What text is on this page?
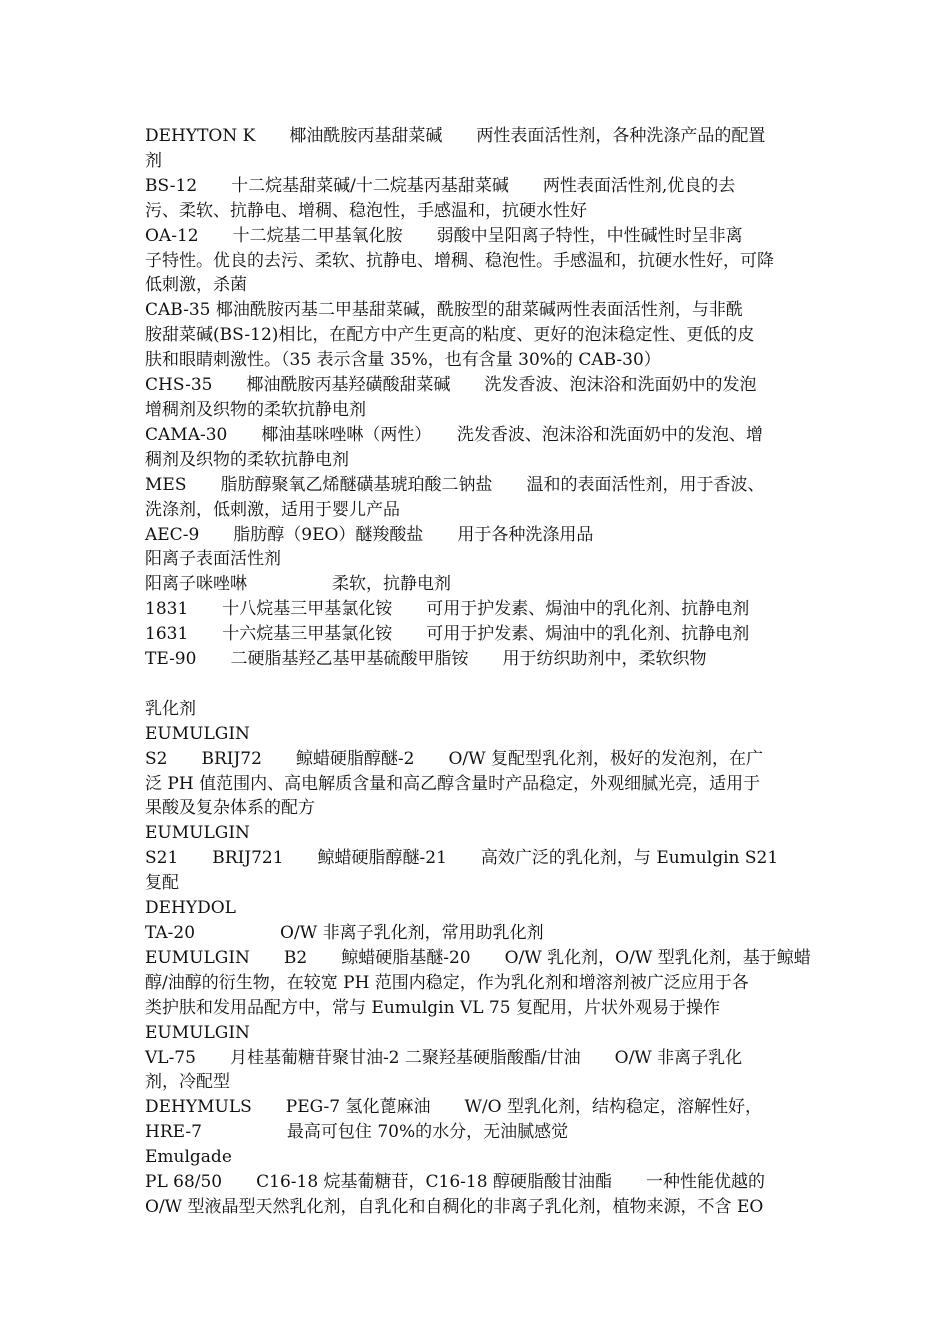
DEHYTON K　　椰油酰胺丙基甜菜碱　　两性表面活性剂，各种洗涤产品的配置

剂

BS-12　　十二烷基甜菜碱/十二烷基丙基甜菜碱　　两性表面活性剂,优良的去

污、柔软、抗静电、增稠、稳泡性，手感温和，抗硬水性好

OA-12　　十二烷基二甲基氧化胺　　弱酸中呈阳离子特性，中性碱性时呈非离

子特性。优良的去污、柔软、抗静电、增稠、稳泡性。手感温和，抗硬水性好，可降

低刺激，杀菌

CAB-35 椰油酰胺丙基二甲基甜菜碱，酰胺型的甜菜碱两性表面活性剂，与非酰

胺甜菜碱(BS-12)相比，在配方中产生更高的粘度、更好的泡沫稳定性、更低的皮

肤和眼睛刺激性。（35 表示含量 35%，也有含量 30%的 CAB-30）

CHS-35　　椰油酰胺丙基羟磺酸甜菜碱　　洗发香波、泡沫浴和洗面奶中的发泡

增稠剂及织物的柔软抗静电剂

CAMA-30　　椰油基咪唑啉（两性）　　洗发香波、泡沫浴和洗面奶中的发泡、增

稠剂及织物的柔软抗静电剂

MES　　脂肪醇聚氧乙烯醚磺基琥珀酸二钠盐　　温和的表面活性剂，用于香波、

洗涤剂，低刺激，适用于婴儿产品

AEC-9　　脂肪醇（9EO）醚羧酸盐　　用于各种洗涤用品

阳离子表面活性剂

阳离子咪唑啉　　　　　柔软，抗静电剂

1831　　十八烷基三甲基氯化铵　　可用于护发素、焗油中的乳化剂、抗静电剂

1631　　十六烷基三甲基氯化铵　　可用于护发素、焗油中的乳化剂、抗静电剂

TE-90　　二硬脂基羟乙基甲基硫酸甲脂铵　　用于纺织助剂中，柔软织物

乳化剂

EUMULGIN

S2　　BRIJ72　　鲸蜡硬脂醇醚-2　　O/W 复配型乳化剂，极好的发泡剂，在广

泛 PH 值范围内、高电解质含量和高乙醇含量时产品稳定，外观细腻光亮，适用于

果酸及复杂体系的配方

EUMULGIN

S21　　BRIJ721　　鲸蜡硬脂醇醚-21　　高效广泛的乳化剂，与 Eumulgin S21

复配

DEHYDOL

TA-20　　　　　O/W 非离子乳化剂，常用助乳化剂

EUMULGIN　　B2　　鲸蜡硬脂基醚-20　　O/W 乳化剂，O/W 型乳化剂，基于鲸蜡

醇/油醇的衍生物，在较宽 PH 范围内稳定，作为乳化剂和增溶剂被广泛应用于各

类护肤和发用品配方中，常与 Eumulgin VL 75 复配用，片状外观易于操作

EUMULGIN

VL-75　　月桂基葡糖苷聚甘油-2 二聚羟基硬脂酸酯/甘油　　O/W 非离子乳化

剂，冷配型

DEHYMULS　　PEG-7 氢化蓖麻油　　W/O 型乳化剂，结构稳定，溶解性好，

HRE-7　　　　　最高可包住 70%的水分，无油腻感觉

Emulgade

PL 68/50　　C16-18 烷基葡糖苷，C16-18 醇硬脂酸甘油酯　　一种性能优越的

O/W 型液晶型天然乳化剂，自乳化和自稠化的非离子乳化剂，植物来源，不含 EO
